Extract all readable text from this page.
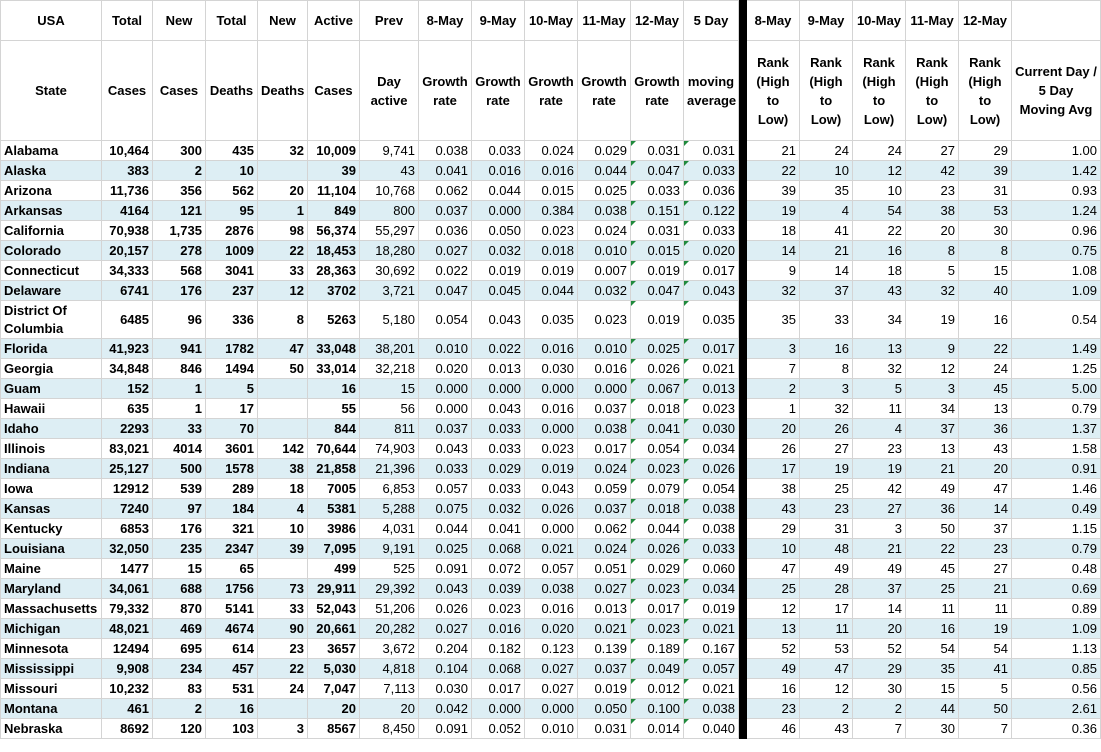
USA	Total	New	Total	New	Active	Prev	8-May	9-May	10-May	11-May	12-May	5 Day		8-May	9-May	10-May	11-May	12-May	
State	Cases	Cases	Deaths	Deaths	Cases	Day active	Growth rate	Growth rate	Growth rate	Growth rate	Growth rate	moving average		Rank (High to Low)	Rank (High to Low)	Rank (High to Low)	Rank (High to Low)	Rank (High to Low)	Current Day / 5 Day Moving Avg
Alabama	10,464	300	435	32	10,009	9,741	0.038	0.033	0.024	0.029	0.031	0.031		21	24	24	27	29	1.00
Alaska	383	2	10		39	43	0.041	0.016	0.016	0.044	0.047	0.033		22	10	12	42	39	1.42
Arizona	11,736	356	562	20	11,104	10,768	0.062	0.044	0.015	0.025	0.033	0.036		39	35	10	23	31	0.93
Arkansas	4164	121	95	1	849	800	0.037	0.000	0.384	0.038	0.151	0.122		19	4	54	38	53	1.24
California	70,938	1,735	2876	98	56,374	55,297	0.036	0.050	0.023	0.024	0.031	0.033		18	41	22	20	30	0.96
Colorado	20,157	278	1009	22	18,453	18,280	0.027	0.032	0.018	0.010	0.015	0.020		14	21	16	8	8	0.75
Connecticut	34,333	568	3041	33	28,363	30,692	0.022	0.019	0.019	0.007	0.019	0.017		9	14	18	5	15	1.08
Delaware	6741	176	237	12	3702	3,721	0.047	0.045	0.044	0.032	0.047	0.043		32	37	43	32	40	1.09
District Of Columbia	6485	96	336	8	5263	5,180	0.054	0.043	0.035	0.023	0.019	0.035		35	33	34	19	16	0.54
Florida	41,923	941	1782	47	33,048	38,201	0.010	0.022	0.016	0.010	0.025	0.017		3	16	13	9	22	1.49
Georgia	34,848	846	1494	50	33,014	32,218	0.020	0.013	0.030	0.016	0.026	0.021		7	8	32	12	24	1.25
Guam	152	1	5		16	15	0.000	0.000	0.000	0.000	0.067	0.013		2	3	5	3	45	5.00
Hawaii	635	1	17		55	56	0.000	0.043	0.016	0.037	0.018	0.023		1	32	11	34	13	0.79
Idaho	2293	33	70		844	811	0.037	0.033	0.000	0.038	0.041	0.030		20	26	4	37	36	1.37
Illinois	83,021	4014	3601	142	70,644	74,903	0.043	0.033	0.023	0.017	0.054	0.034		26	27	23	13	43	1.58
Indiana	25,127	500	1578	38	21,858	21,396	0.033	0.029	0.019	0.024	0.023	0.026		17	19	19	21	20	0.91
Iowa	12912	539	289	18	7005	6,853	0.057	0.033	0.043	0.059	0.079	0.054		38	25	42	49	47	1.46
Kansas	7240	97	184	4	5381	5,288	0.075	0.032	0.026	0.037	0.018	0.038		43	23	27	36	14	0.49
Kentucky	6853	176	321	10	3986	4,031	0.044	0.041	0.000	0.062	0.044	0.038		29	31	3	50	37	1.15
Louisiana	32,050	235	2347	39	7,095	9,191	0.025	0.068	0.021	0.024	0.026	0.033		10	48	21	22	23	0.79
Maine	1477	15	65		499	525	0.091	0.072	0.057	0.051	0.029	0.060		47	49	49	45	27	0.48
Maryland	34,061	688	1756	73	29,911	29,392	0.043	0.039	0.038	0.027	0.023	0.034		25	28	37	25	21	0.69
Massachusetts	79,332	870	5141	33	52,043	51,206	0.026	0.023	0.016	0.013	0.017	0.019		12	17	14	11	11	0.89
Michigan	48,021	469	4674	90	20,661	20,282	0.027	0.016	0.020	0.021	0.023	0.021		13	11	20	16	19	1.09
Minnesota	12494	695	614	23	3657	3,672	0.204	0.182	0.123	0.139	0.189	0.167		52	53	52	54	54	1.13
Mississippi	9,908	234	457	22	5,030	4,818	0.104	0.068	0.027	0.037	0.049	0.057		49	47	29	35	41	0.85
Missouri	10,232	83	531	24	7,047	7,113	0.030	0.017	0.027	0.019	0.012	0.021		16	12	30	15	5	0.56
Montana	461	2	16		20	20	0.042	0.000	0.000	0.050	0.100	0.038		23	2	2	44	50	2.61
Nebraska	8692	120	103	3	8567	8,450	0.091	0.052	0.010	0.031	0.014	0.040		46	43	7	30	7	0.36
